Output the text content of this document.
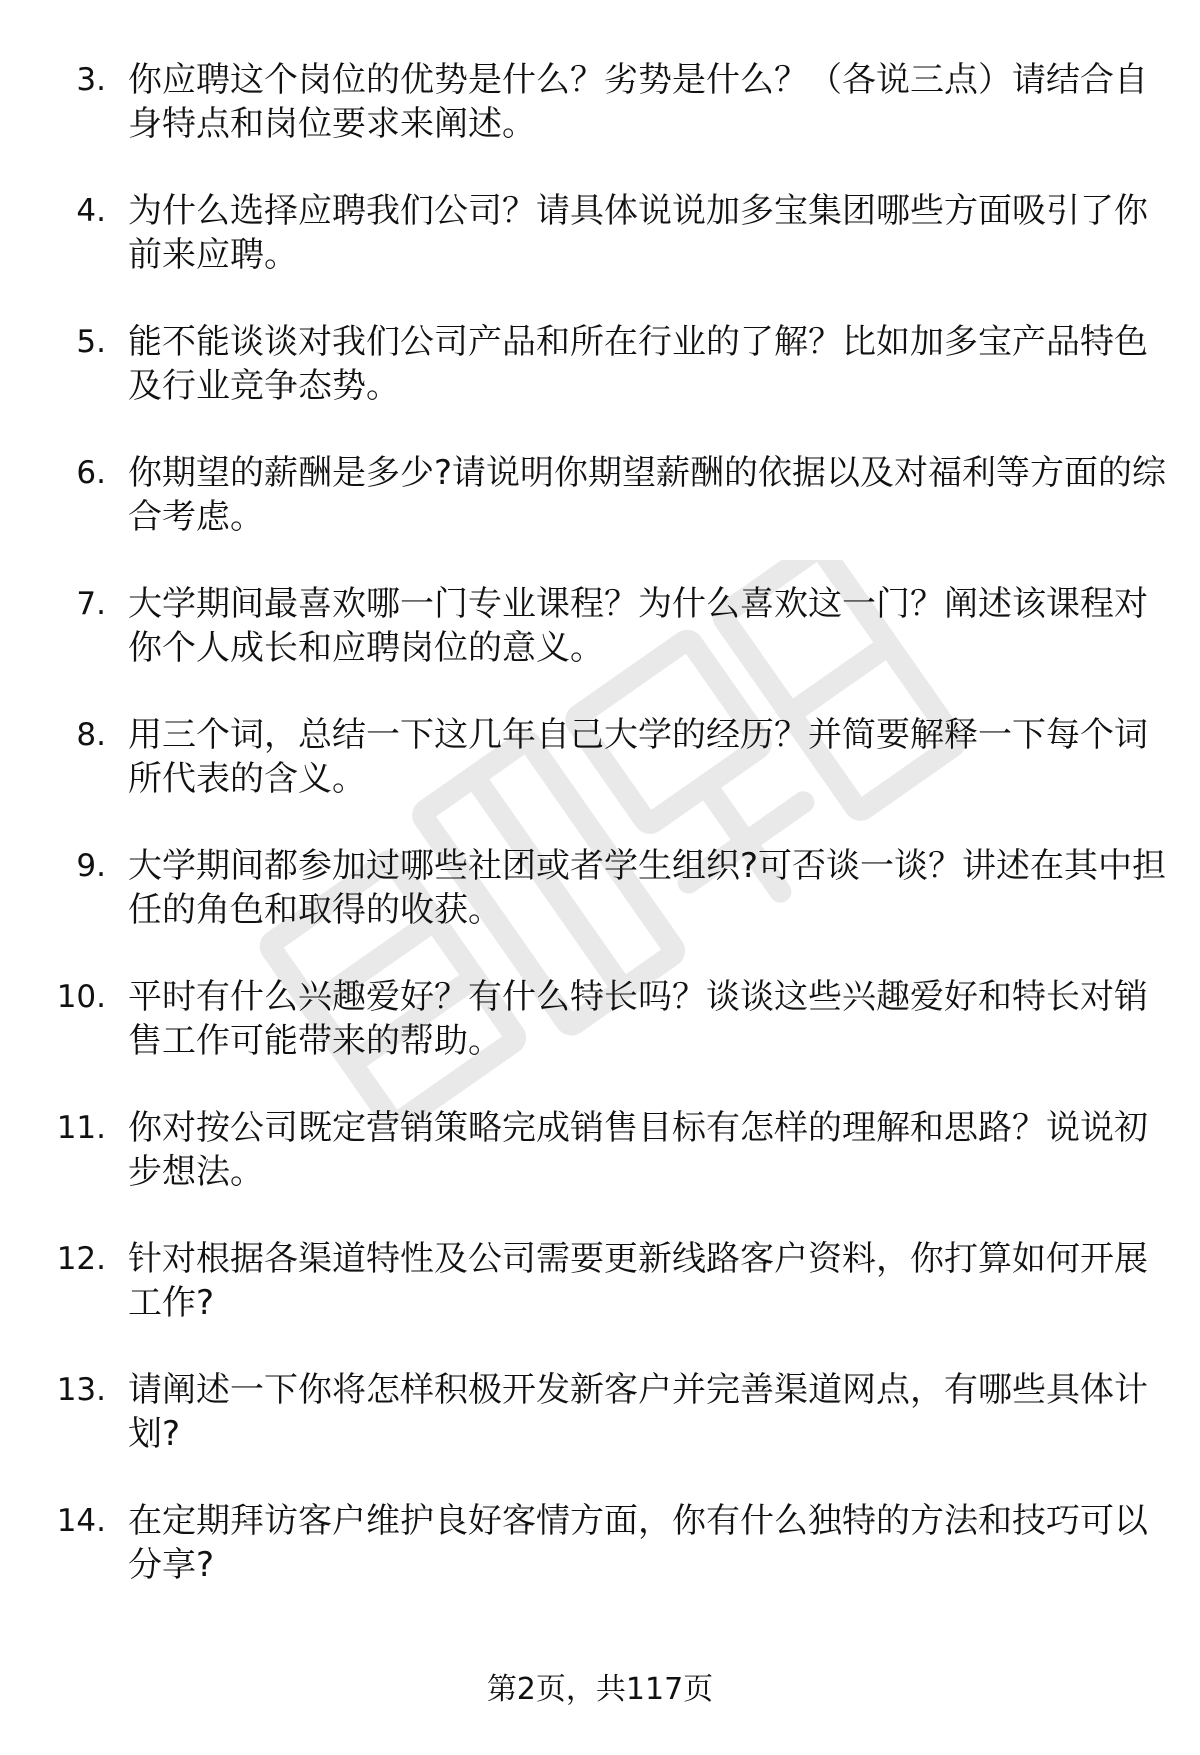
3. 你应聘这个岗位的优势是什么？劣势是什么？（各说三点）请结合自身特点和岗位要求来阐述。
4. 为什么选择应聘我们公司？请具体说说加多宝集团哪些方面吸引了你前来应聘。
5. 能不能谈谈对我们公司产品和所在行业的了解？比如加多宝产品特色及行业竞争态势。
6. 你期望的薪酬是多少?请说明你期望薪酬的依据以及对福利等方面的综合考虑。
7. 大学期间最喜欢哪一门专业课程？为什么喜欢这一门？阐述该课程对你个人成长和应聘岗位的意义。
8. 用三个词，总结一下这几年自己大学的经历？并简要解释一下每个词所代表的含义。
9. 大学期间都参加过哪些社团或者学生组织?可否谈一谈？讲述在其中担任的角色和取得的收获。
10. 平时有什么兴趣爱好？有什么特长吗？谈谈这些兴趣爱好和特长对销售工作可能带来的帮助。
11. 你对按公司既定营销策略完成销售目标有怎样的理解和思路？说说初步想法。
12. 针对根据各渠道特性及公司需要更新线路客户资料，你打算如何开展工作?
13. 请阐述一下你将怎样积极开发新客户并完善渠道网点，有哪些具体计划?
14. 在定期拜访客户维护良好客情方面，你有什么独特的方法和技巧可以分享?
第2页，共117页
